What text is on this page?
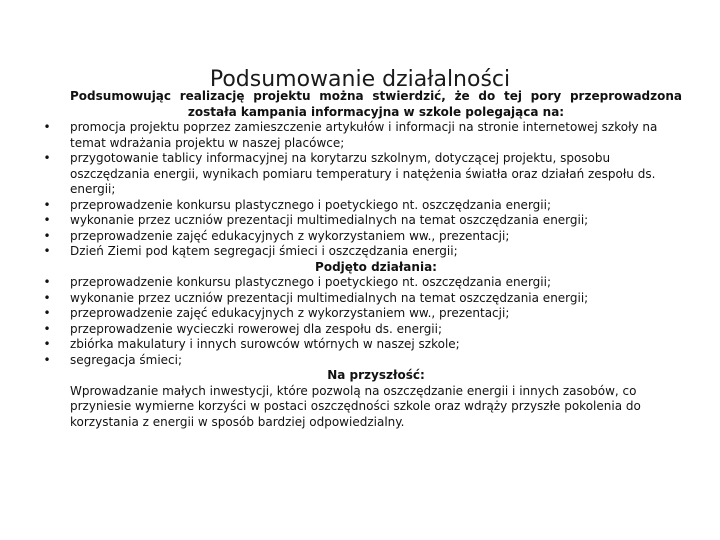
Podsumowanie działalności
Podsumowując realizację projektu można stwierdzić, że do tej pory przeprowadzona została kampania informacyjna w szkole polegająca na:
• promocja projektu poprzez zamieszczenie artykułów i informacji na stronie internetowej szkoły na temat wdrażania projektu w naszej placówce;
• przygotowanie tablicy informacyjnej na korytarzu szkolnym, dotyczącej projektu, sposobu oszczędzania energii, wynikach pomiaru temperatury i natężenia światła oraz działań zespołu ds. energii;
• przeprowadzenie konkursu plastycznego i poetyckiego nt. oszczędzania energii;
• wykonanie przez uczniów prezentacji multimedialnych na temat oszczędzania energii;
• przeprowadzenie zajęć edukacyjnych z wykorzystaniem ww., prezentacji;
• Dzień Ziemi pod kątem segregacji śmieci i oszczędzania energii;
Podjęto działania:
• przeprowadzenie konkursu plastycznego i poetyckiego nt. oszczędzania energii;
• wykonanie przez uczniów prezentacji multimedialnych na temat oszczędzania energii;
• przeprowadzenie zajęć edukacyjnych z wykorzystaniem ww., prezentacji;
• przeprowadzenie wycieczki rowerowej dla zespołu ds. energii;
• zbiórka makulatury i innych surowców wtórnych w naszej szkole;
• segregacja śmieci;
Na przyszłość:
Wprowadzanie małych inwestycji, które pozwolą na oszczędzanie energii i innych zasobów, co przyniesie wymierne korzyści w postaci oszczędności szkole oraz wdrąży przyszłe pokolenia do korzystania z energii w sposób bardziej odpowiedzialny.
